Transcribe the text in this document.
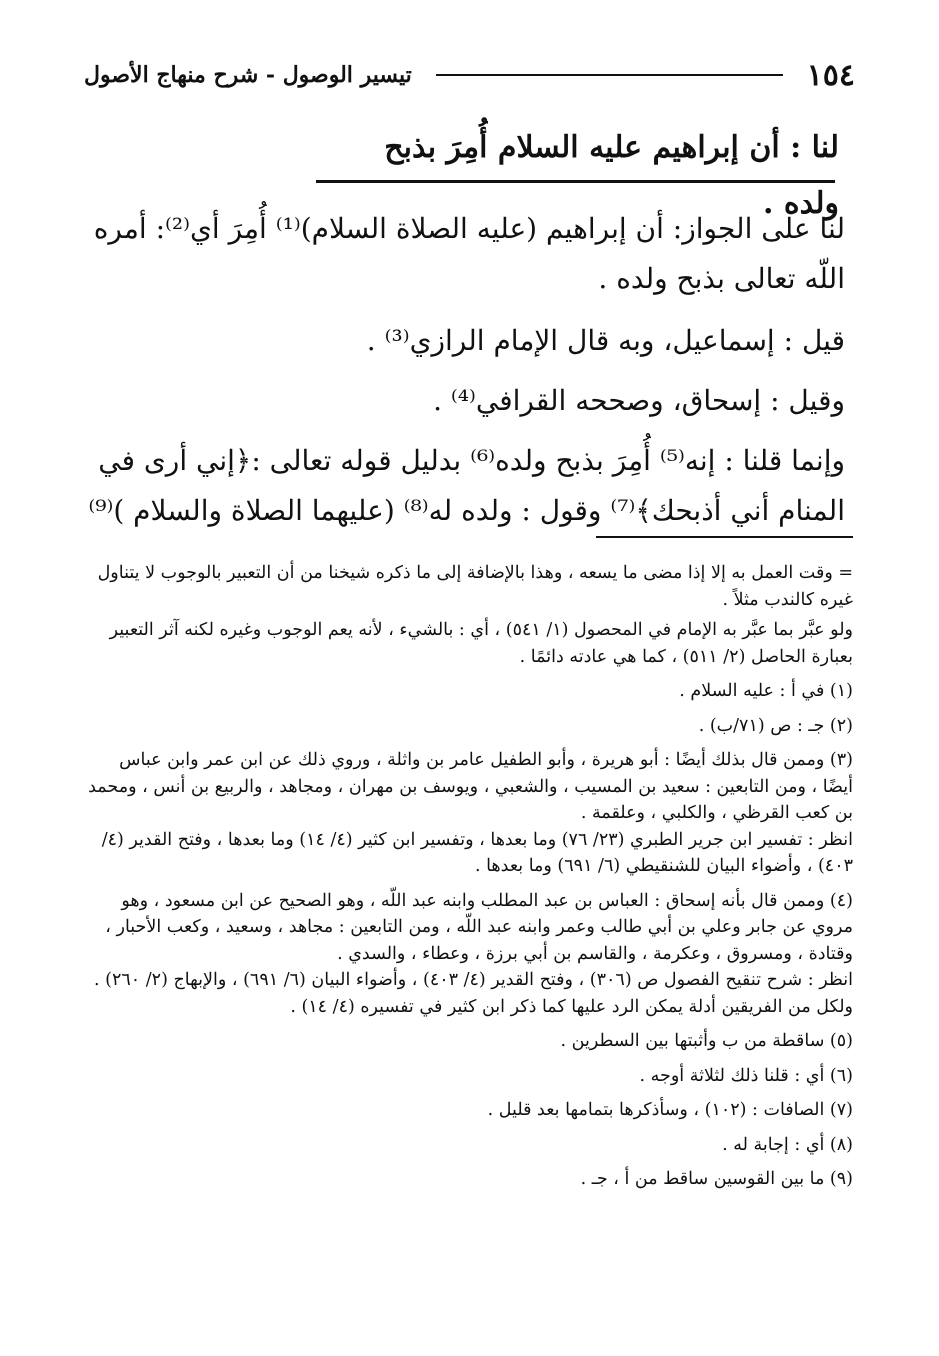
١٥٤
تيسير الوصول - شرح منهاج الأصول
لنا : أن إبراهيم عليه السلام أُمِرَ بذبح ولده .

لنا على الجواز: أن إبراهيم (عليه الصلاة السلام)⁽¹⁾ أُمِرَ أي⁽²⁾: أمره اللّه تعالى بذبح ولده .

قيل : إسماعيل، وبه قال الإمام الرازي⁽³⁾ .

وقيل : إسحاق، وصححه القرافي⁽⁴⁾ .

وإنما قلنا : إنه⁽⁵⁾ أُمِرَ بذبح ولده⁽⁶⁾ بدليل قوله تعالى :﴿إني أرى في المنام أني أذبحك﴾⁽⁷⁾ وقول : ولده له⁽⁸⁾ (عليهما الصلاة والسلام )⁽⁹⁾

= وقت العمل به إلا إذا مضى ما يسعه ، وهذا بالإضافة إلى ما ذكره شيخنا من أن التعبير بالوجوب لا يتناول غيره كالندب مثلاً .

ولو عبَّر بما عبَّر به الإمام في المحصول (١/ ٥٤١) ، أي : بالشيء ، لأنه يعم الوجوب وغيره لكنه آثر التعبير بعبارة الحاصل (٢/ ٥١١) ، كما هي عادته دائمًا .

(١) في أ : عليه السلام .

(٢) جـ : ص (٧١/ب) .

(٣) وممن قال بذلك أيضًا : أبو هريرة ، وأبو الطفيل عامر بن واثلة ، وروي ذلك عن ابن عمر وابن عباس أيضًا ، ومن التابعين : سعيد بن المسيب ، والشعبي ، ويوسف بن مهران ، ومجاهد ، والربيع بن أنس ، ومحمد بن كعب القرظي ، والكلبي ، وعلقمة .

انظر : تفسير ابن جرير الطبري (٢٣/ ٧٦) وما بعدها ، وتفسير ابن كثير (٤/ ١٤) وما بعدها ، وفتح القدير (٤/ ٤٠٣) ، وأضواء البيان للشنقيطي (٦/ ٦٩١) وما بعدها .

(٤) وممن قال بأنه إسحاق : العباس بن عبد المطلب وابنه عبد اللّه ، وهو الصحيح عن ابن مسعود ، وهو مروي عن جابر وعلي بن أبي طالب وعمر وابنه عبد اللّه ، ومن التابعين : مجاهد ، وسعيد ، وكعب الأحبار ، وقتادة ، ومسروق ، وعكرمة ، والقاسم بن أبي برزة ، وعطاء ، والسدي .

انظر : شرح تنقيح الفصول ص (٣٠٦) ، وفتح القدير (٤/ ٤٠٣) ، وأضواء البيان (٦/ ٦٩١) ، والإبهاج (٢/ ٢٦٠) . ولكل من الفريقين أدلة يمكن الرد عليها كما ذكر ابن كثير في تفسيره (٤/ ١٤) .

(٥) ساقطة من ب وأثبتها بين السطرين .

(٦) أي : قلنا ذلك لثلاثة أوجه .

(٧) الصافات : (١٠٢) ، وسأذكرها بتمامها بعد قليل .

(٨) أي : إجابة له .

(٩) ما بين القوسين ساقط من أ ، جـ .
